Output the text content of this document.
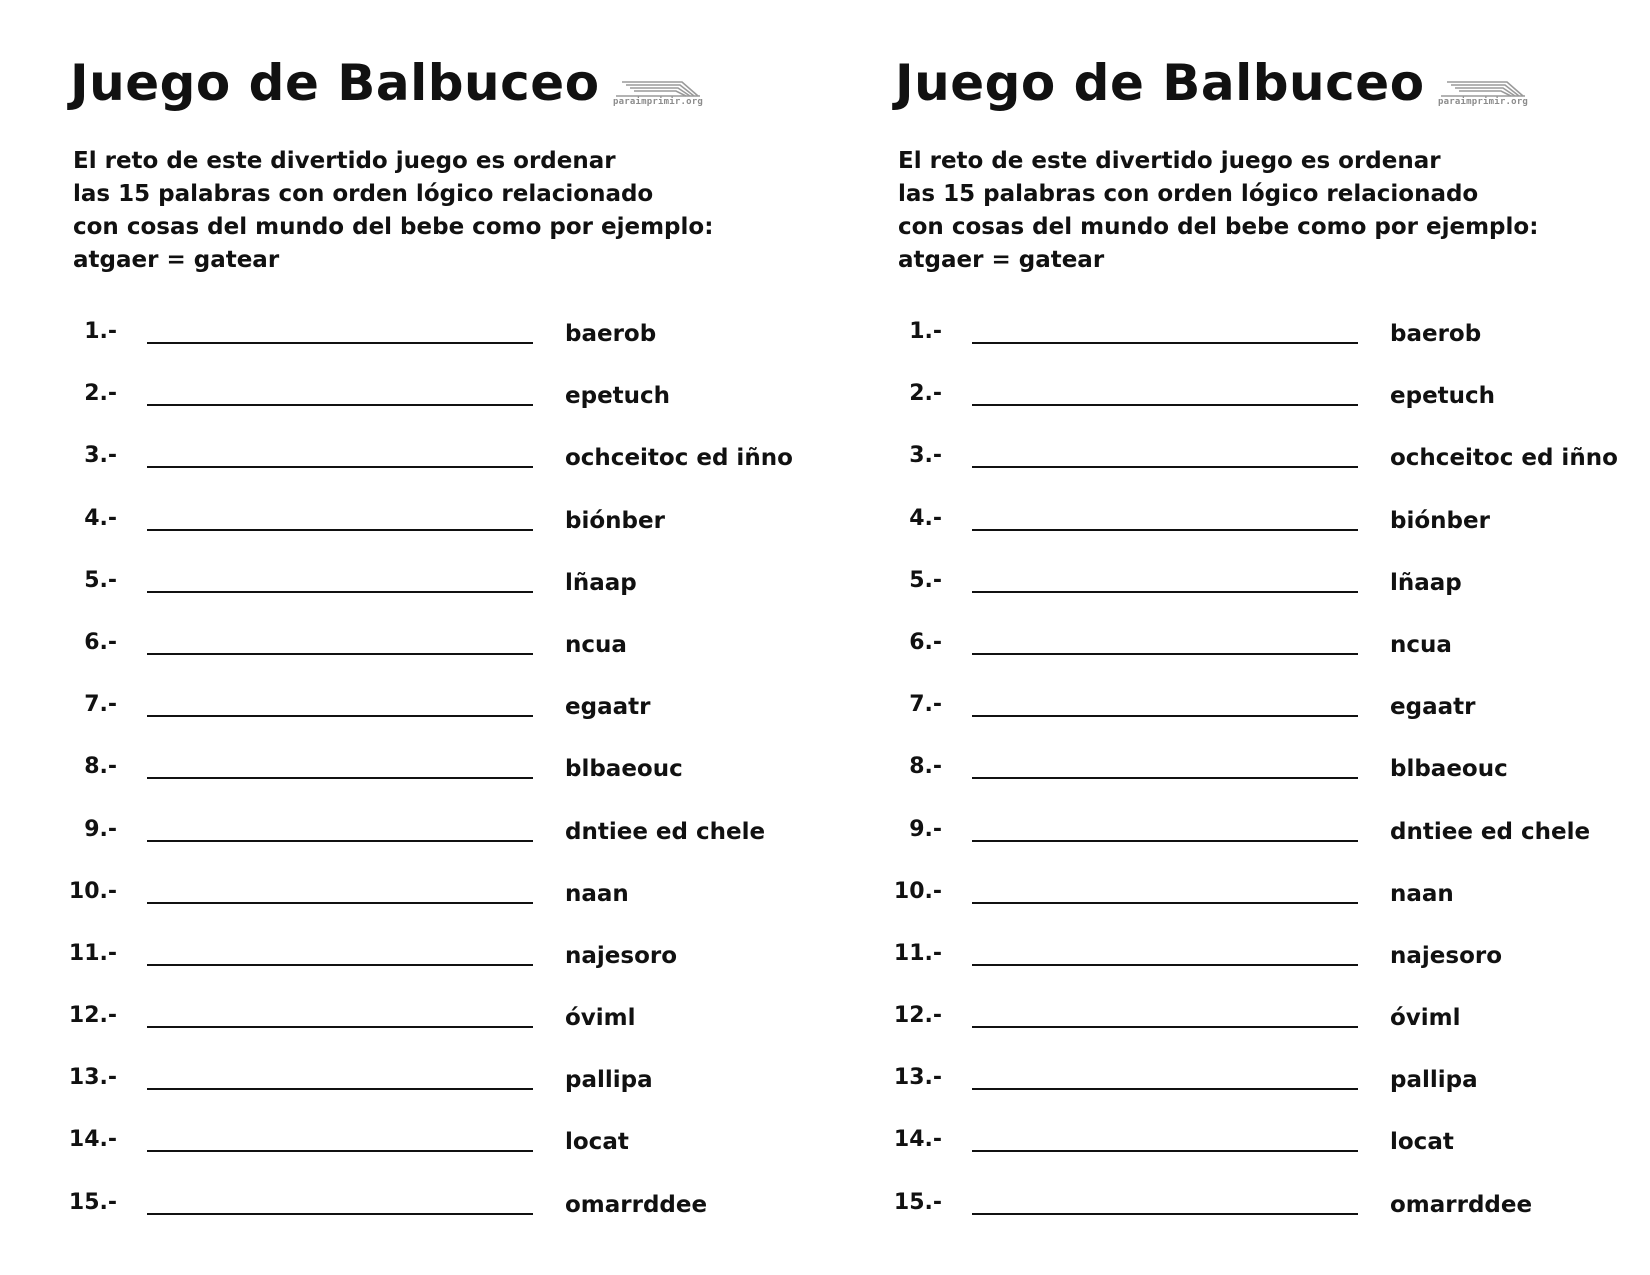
Juego de Balbuceo	paraimprimir.org
El reto de este divertido juego es ordenar
las 15 palabras con orden lógico relacionado
con cosas del mundo del bebe como por ejemplo:
atgaer = gatear
1.-	baerob
2.-	epetuch
3.-	ochceitoc ed iñno
4.-	biónber
5.-	lñaap
6.-	ncua
7.-	egaatr
8.-	blbaeouc
9.-	dntiee ed chele
10.-	naan
11.-	najesoro
12.-	óviml
13.-	pallipa
14.-	locat
15.-	omarrddee
Juego de Balbuceo	paraimprimir.org
El reto de este divertido juego es ordenar
las 15 palabras con orden lógico relacionado
con cosas del mundo del bebe como por ejemplo:
atgaer = gatear
1.-	baerob
2.-	epetuch
3.-	ochceitoc ed iñno
4.-	biónber
5.-	lñaap
6.-	ncua
7.-	egaatr
8.-	blbaeouc
9.-	dntiee ed chele
10.-	naan
11.-	najesoro
12.-	óviml
13.-	pallipa
14.-	locat
15.-	omarrddee
